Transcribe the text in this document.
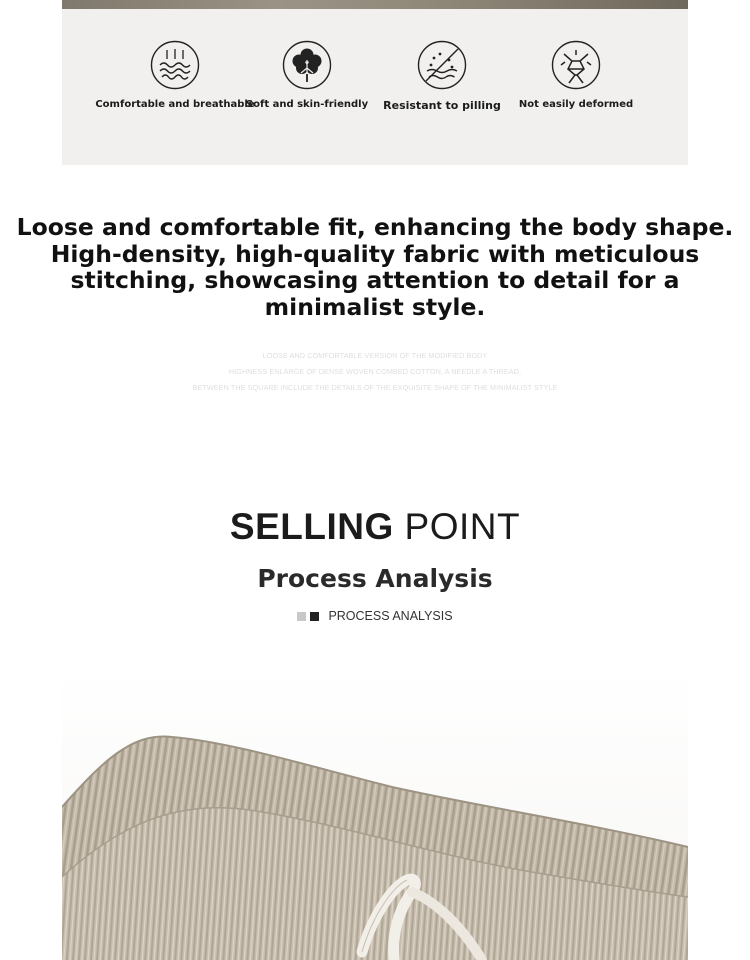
Comfortable and breathable
Soft and skin-friendly Resistant to pilling Not easily deformed
Loose and comfortable fit, enhancing the body shape.
High-density, high-quality fabric with meticulous
stitching, showcasing attention to detail for a
minimalist style.
LOOSE AND COMFORTABLE VERSION OF THE MODIFIED BODY
HIGHNESS ENLARGE OF DENSE WOVEN COMBED COTTON, A NEEDLE A THREAD,
BETWEEN THE SQUARE INCLUDE THE DETAILS OF THE EXQUISITE SHAPE OF THE MINIMALIST STYLE
SELLING POINT
Process Analysis
PROCESS ANALYSIS
